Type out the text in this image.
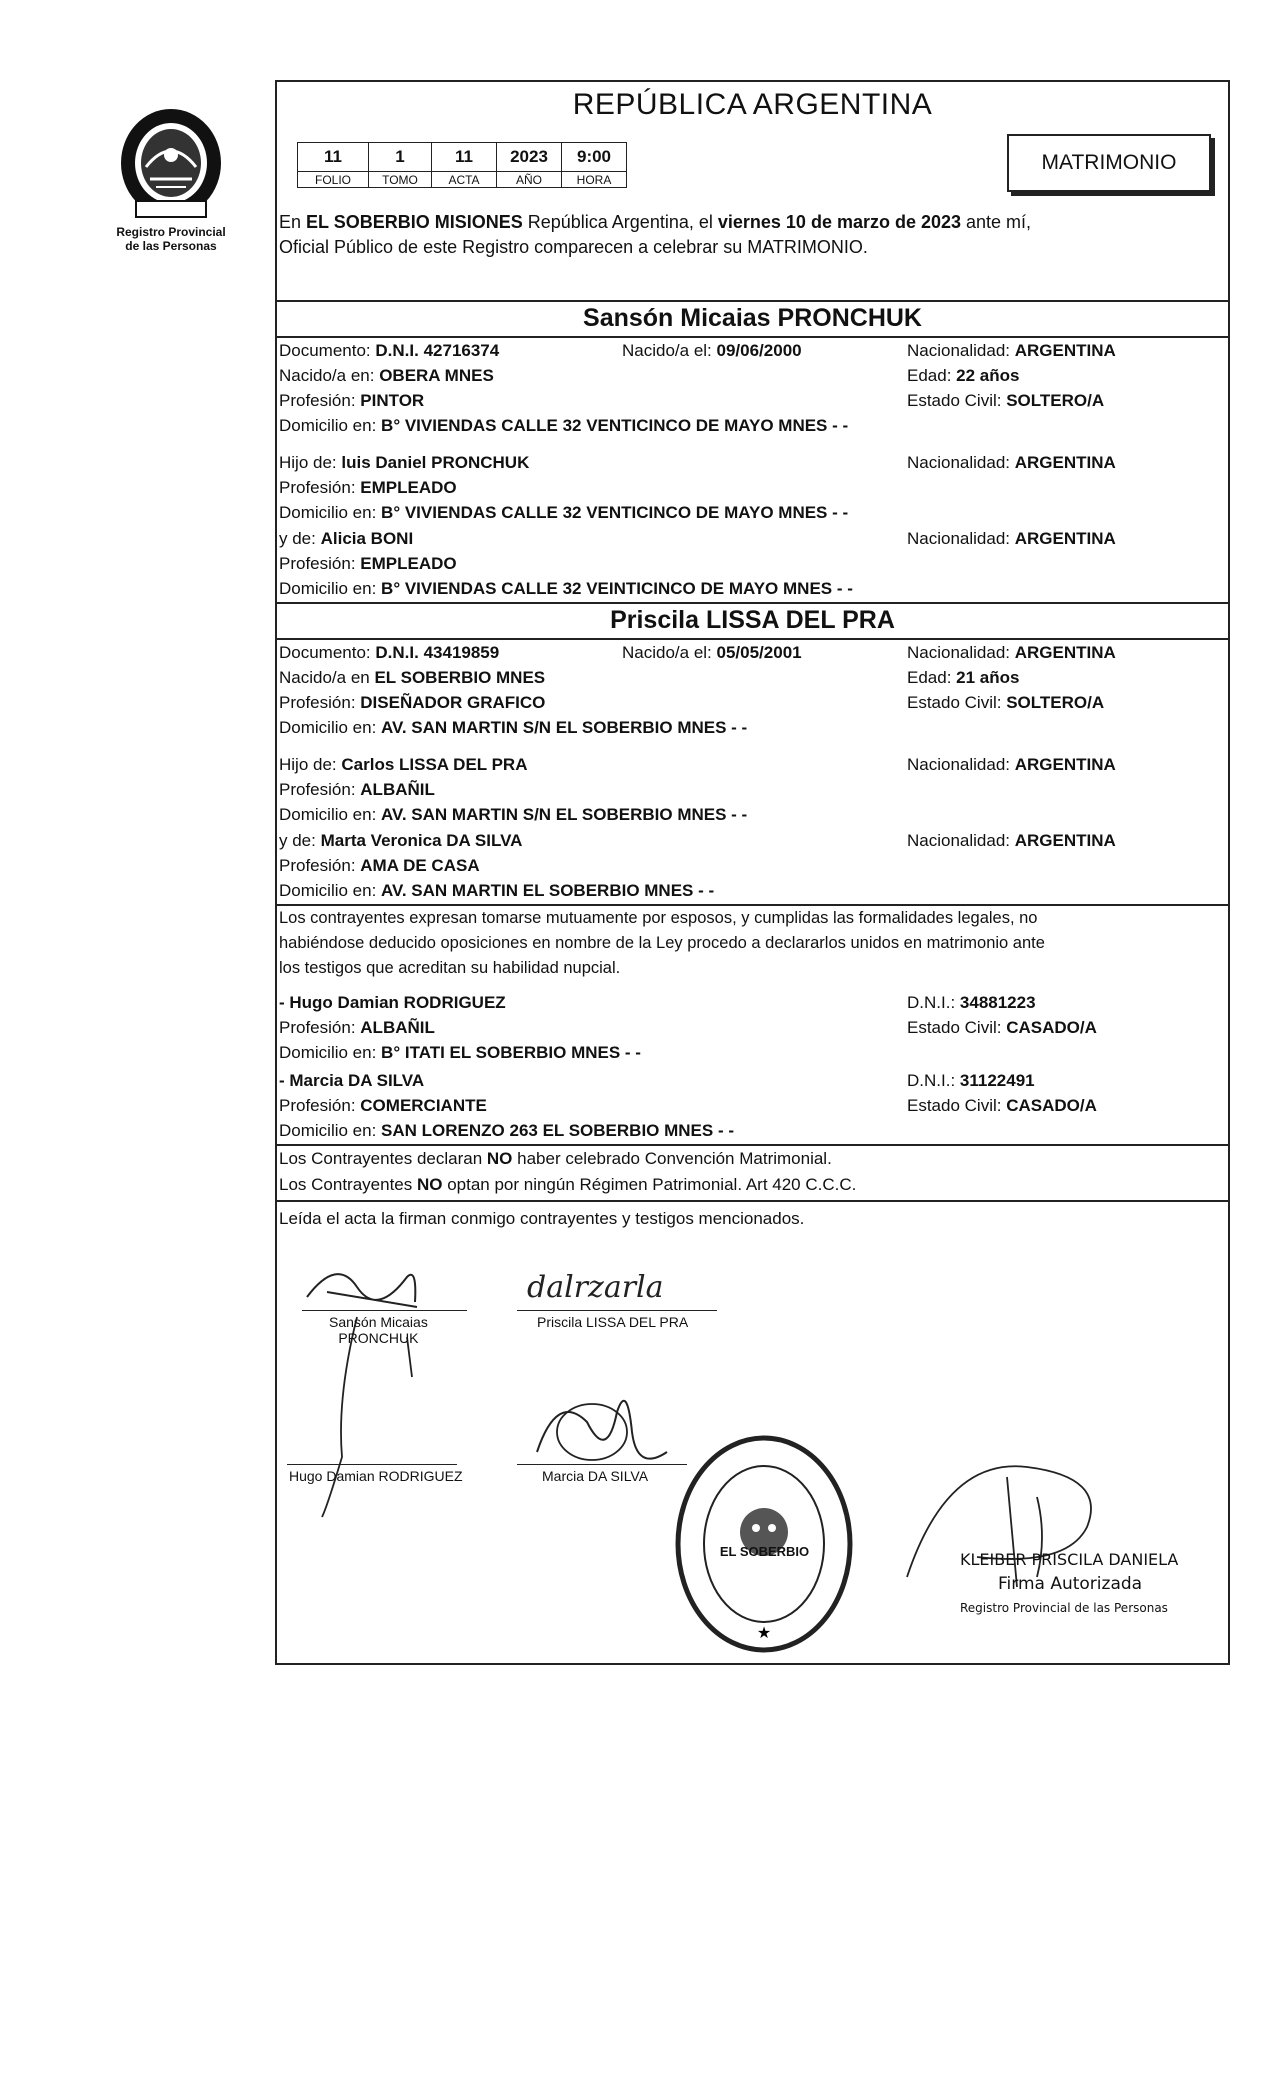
Registro Provincial
de las Personas
REPÚBLICA ARGENTINA
11	1	11	2023	9:00
FOLIO	TOMO	ACTA	AÑO	HORA
MATRIMONIO
En EL SOBERBIO MISIONES República Argentina, el viernes 10 de marzo de 2023 ante mí,
Oficial Público de este Registro comparecen a celebrar su MATRIMONIO.
Sansón Micaias PRONCHUK
Documento: D.N.I. 42716374	Nacido/a el: 09/06/2000	Nacionalidad: ARGENTINA
Nacido/a en: OBERA MNES	Edad: 22 años
Profesión: PINTOR	Estado Civil: SOLTERO/A
Domicilio en: B° VIVIENDAS CALLE 32 VENTICINCO DE MAYO MNES - -
Hijo de: luis Daniel PRONCHUK	Nacionalidad: ARGENTINA
Profesión: EMPLEADO
Domicilio en: B° VIVIENDAS CALLE 32 VENTICINCO DE MAYO MNES - -
y de: Alicia BONI	Nacionalidad: ARGENTINA
Profesión: EMPLEADO
Domicilio en: B° VIVIENDAS CALLE 32 VEINTICINCO DE MAYO MNES - -
Priscila LISSA DEL PRA
Documento: D.N.I. 43419859	Nacido/a el: 05/05/2001	Nacionalidad: ARGENTINA
Nacido/a en EL SOBERBIO MNES	Edad: 21 años
Profesión: DISEÑADOR GRAFICO	Estado Civil: SOLTERO/A
Domicilio en: AV. SAN MARTIN S/N EL SOBERBIO MNES - -
Hijo de: Carlos LISSA DEL PRA	Nacionalidad: ARGENTINA
Profesión: ALBAÑIL
Domicilio en: AV. SAN MARTIN S/N EL SOBERBIO MNES - -
y de: Marta Veronica DA SILVA	Nacionalidad: ARGENTINA
Profesión: AMA DE CASA
Domicilio en: AV. SAN MARTIN EL SOBERBIO MNES - -
Los contrayentes expresan tomarse mutuamente por esposos, y cumplidas las formalidades legales, no
habiéndose deducido oposiciones en nombre de la Ley procedo a declararlos unidos en matrimonio ante
los testigos que acreditan su habilidad nupcial.
- Hugo Damian RODRIGUEZ	D.N.I.: 34881223
Profesión: ALBAÑIL	Estado Civil: CASADO/A
Domicilio en: B° ITATI EL SOBERBIO MNES - -
- Marcia DA SILVA	D.N.I.: 31122491
Profesión: COMERCIANTE	Estado Civil: CASADO/A
Domicilio en: SAN LORENZO 263 EL SOBERBIO MNES - -
Los Contrayentes declaran NO haber celebrado Convención Matrimonial.
Los Contrayentes NO optan por ningún Régimen Patrimonial. Art 420 C.C.C.
Leída el acta la firman conmigo contrayentes y testigos mencionados.
Sansón Micaias
PRONCHUK
dalrzarla
Priscila LISSA DEL PRA
Hugo Damian RODRIGUEZ	Marcia DA SILVA
★
EL SOBERBIO	KLEIBER PRISCILA DANIELA
Firma Autorizada
Registro Provincial de las Personas
